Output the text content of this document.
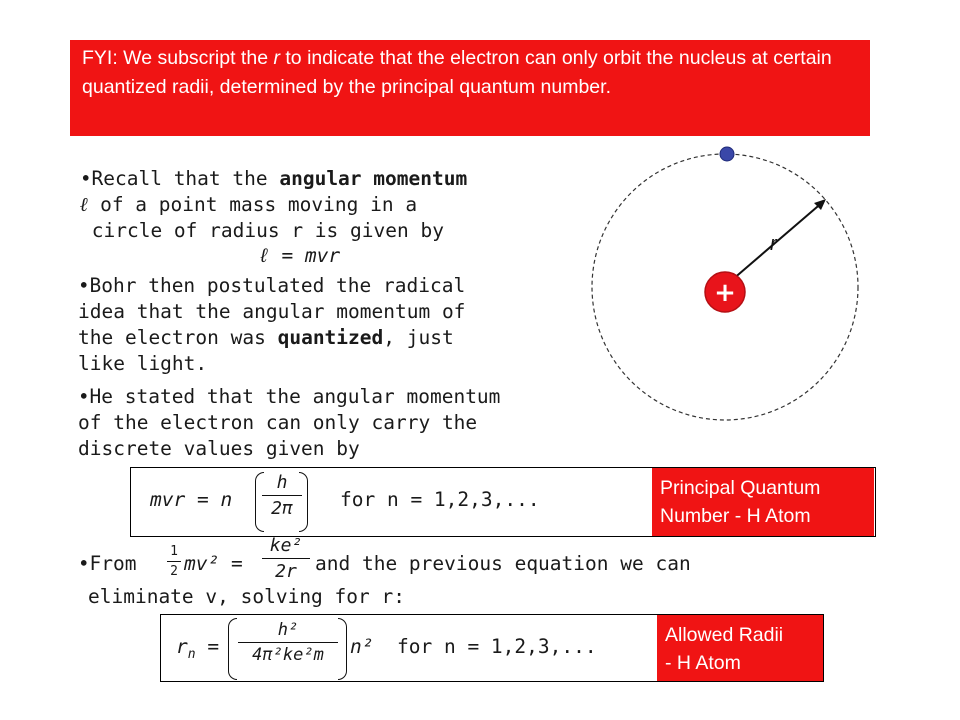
FYI: We subscript the r to indicate that the electron can only orbit the nucleus at certain quantized radii, determined by the principal quantum number.
•Recall that the angular momentum
ℓ of a point mass moving in a
circle of radius r is given by
ℓ = mvr
•Bohr then postulated the radical
idea that the angular momentum of
the electron was quantized, just
like light.
•He stated that the angular momentum
of the electron can only carry the
discrete values given by
r
+
mvr = n
h
2π	for n = 1,2,3,...	Principal Quantum
Number - H Atom
•From
1
2 mv² =
ke²
2r and the previous equation we can
eliminate v, solving for r:
$r_n$ =
h²
4π²ke²m	n² for n = 1,2,3,...	Allowed Radii
- H Atom
